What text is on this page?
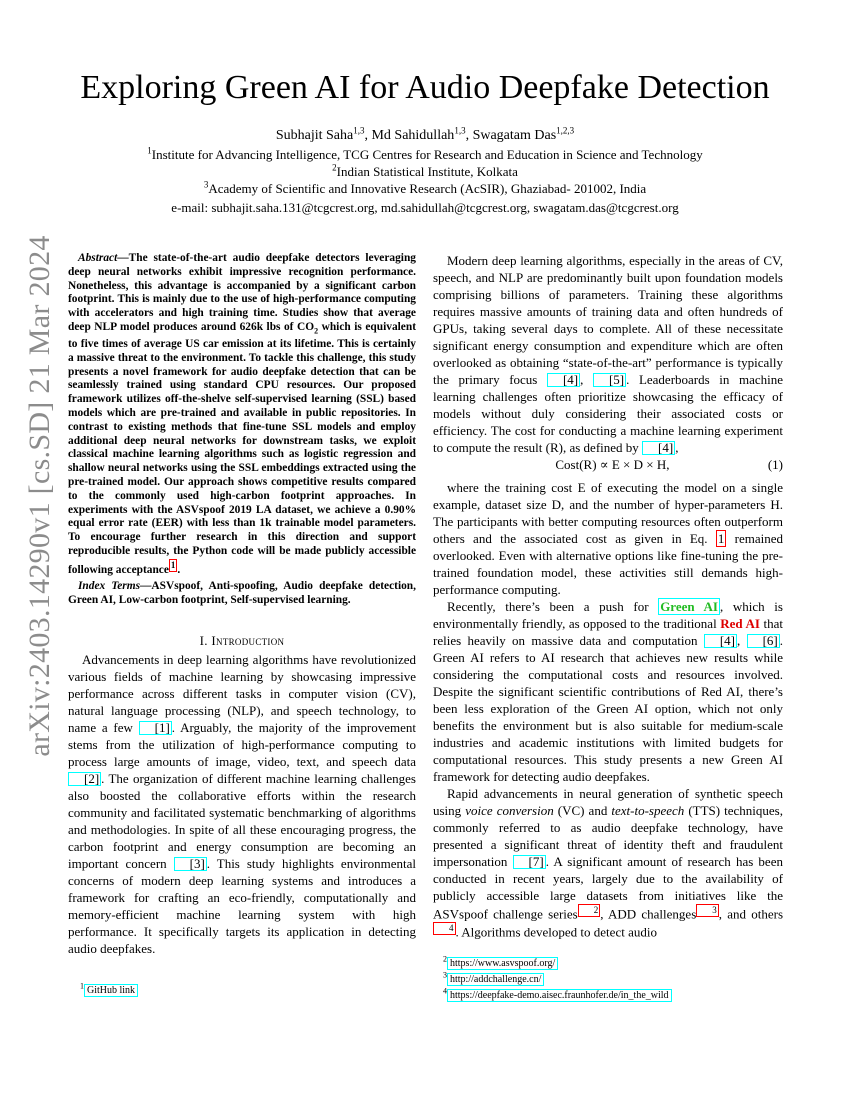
arXiv:2403.14290v1 [cs.SD] 21 Mar 2024
Exploring Green AI for Audio Deepfake Detection
Subhajit Saha$^{1,3}$, Md Sahidullah$^{1,3}$, Swagatam Das$^{1,2,3}$
$^1$Institute for Advancing Intelligence, TCG Centres for Research and Education in Science and Technology
$^2$Indian Statistical Institute, Kolkata
$^3$Academy of Scientific and Innovative Research (AcSIR), Ghaziabad- 201002, India
e-mail: subhajit.saha.131@tcgcrest.org, md.sahidullah@tcgcrest.org, swagatam.das@tcgcrest.org

Abstract—The state-of-the-art audio deepfake detectors leveraging deep neural networks exhibit impressive recognition performance. Nonetheless, this advantage is accompanied by a significant carbon footprint. This is mainly due to the use of high-performance computing with accelerators and high training time. Studies show that average deep NLP model produces around 626k lbs of $CO_2$ which is equivalent to five times of average US car emission at its lifetime. This is certainly a massive threat to the environment. To tackle this challenge, this study presents a novel framework for audio deepfake detection that can be seamlessly trained using standard CPU resources. Our proposed framework utilizes off-the-shelve self-supervised learning (SSL) based models which are pre-trained and available in public repositories. In contrast to existing methods that fine-tune SSL models and employ additional deep neural networks for downstream tasks, we exploit classical machine learning algorithms such as logistic regression and shallow neural networks using the SSL embeddings extracted using the pre-trained model. Our approach shows competitive results compared to the commonly used high-carbon footprint approaches. In experiments with the ASVspoof 2019 LA dataset, we achieve a 0.90% equal error rate (EER) with less than 1k trainable model parameters. To encourage further research in this direction and support reproducible results, the Python code will be made publicly accessible following acceptance 1 .

Index Terms—ASVspoof, Anti-spoofing, Audio deepfake detection, Green AI, Low-carbon footprint, Self-supervised learning.

I. Introduction

Advancements in deep learning algorithms have revolutionized various fields of machine learning by showcasing impressive performance across different tasks in computer vision (CV), natural language processing (NLP), and speech technology, to name a few [1] . Arguably, the majority of the improvement stems from the utilization of high-performance computing to process large amounts of image, video, text, and speech data [2] . The organization of different machine learning challenges also boosted the collaborative efforts within the research community and facilitated systematic benchmarking of algorithms and methodologies. In spite of all these encouraging progress, the carbon footprint and energy consumption are becoming an important concern [3] . This study highlights environmental concerns of modern deep learning systems and introduces a framework for crafting an eco-friendly, computationally and memory-efficient machine learning system with high performance. It specifically targets its application in detecting audio deepfakes.

Modern deep learning algorithms, especially in the areas of CV, speech, and NLP are predominantly built upon foundation models comprising billions of parameters. Training these algorithms requires massive amounts of training data and often hundreds of GPUs, taking several days to complete. All of these necessitate significant energy consumption and expenditure which are often overlooked as obtaining “state-of-the-art” performance is typically the primary focus [4] , [5] . Leaderboards in machine learning challenges often prioritize showcasing the efficacy of models without duly considering their associated costs or efficiency. The cost for conducting a machine learning experiment to compute the result (R), as defined by [4] ,

Cost(R) ∝ E × D × H,	(1)

where the training cost E of executing the model on a single example, dataset size D, and the number of hyper-parameters H. The participants with better computing resources often outperform others and the associated cost as given in Eq. 1 remained overlooked. Even with alternative options like fine-tuning the pre-trained foundation model, these activities still demands high-performance computing.

Recently, there’s been a push for Green AI , which is environmentally friendly, as opposed to the traditional Red AI that relies heavily on massive data and computation [4] , [6] . Green AI refers to AI research that achieves new results while considering the computational costs and resources involved. Despite the significant scientific contributions of Red AI, there’s been less exploration of the Green AI option, which not only benefits the environment but is also suitable for medium-scale industries and academic institutions with limited budgets for computational resources. This study presents a new Green AI framework for detecting audio deepfakes.

Rapid advancements in neural generation of synthetic speech using voice conversion (VC) and text-to-speech (TTS) techniques, commonly referred to as audio deepfake technology, have presented a significant threat of identity theft and fraudulent impersonation [7] . A significant amount of research has been conducted in recent years, largely due to the availability of publicly accessible large datasets from initiatives like the ASVspoof challenge series 2 , ADD challenges 3 , and others 4 . Algorithms developed to detect audio

$^1$ GitHub link
$^2$ https://www.asvspoof.org/
$^3$ http://addchallenge.cn/
$^4$ https://deepfake-demo.aisec.fraunhofer.de/in_the_wild
